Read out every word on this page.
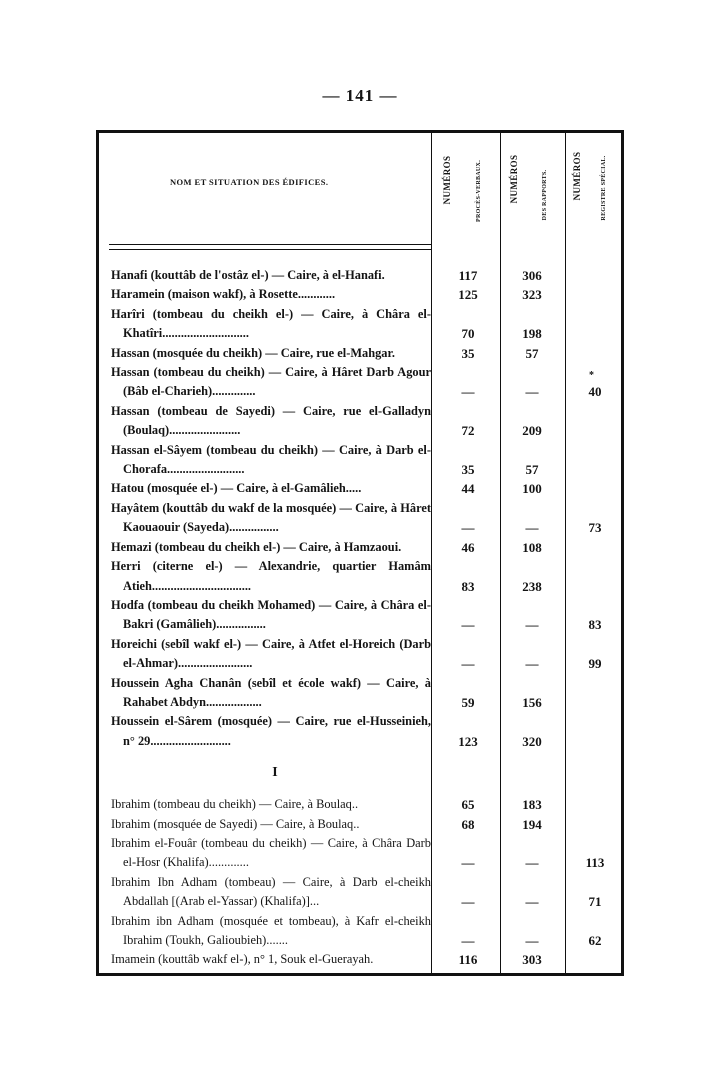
— 141 —
NOM ET SITUATION DES ÉDIFICES.	NUMÉROS	PROCÈS-VERBAUX.	NUMÉROS	DES RAPPORTS.	NUMÉROS	REGISTRE SPÉCIAL.
*
Hanafi (kouttâb de l'ostâz el-) — Caire, à el-Hanafi.	117	306
Haramein (maison wakf), à Rosette............	125	323
Harîri (tombeau du cheikh el-) — Caire, à Châra el-Khatîri............................	70	198
Hassan (mosquée du cheikh) — Caire, rue el-Mahgar.	35	57
Hassan (tombeau du cheikh) — Caire, à Hâret Darb Agour (Bâb el-Charieh)..............	—	—	40
Hassan (tombeau de Sayedi) — Caire, rue el-Galladyn (Boulaq).......................	72	209
Hassan el-Sâyem (tombeau du cheikh) — Caire, à Darb el-Chorafa.........................	35	57
Hatou (mosquée el-) — Caire, à el-Gamâlieh.....	44	100
Hayâtem (kouttâb du wakf de la mosquée) — Caire, à Hâret Kaouaouir (Sayeda)................	—	—	73
Hemazi (tombeau du cheikh el-) — Caire, à Hamzaoui.	46	108
Herri (citerne el-) — Alexandrie, quartier Hamâm Atieh................................	83	238
Hodfa (tombeau du cheikh Mohamed) — Caire, à Châra el-Bakri (Gamâlieh)................	—	—	83
Horeichi (sebîl wakf el-) — Caire, à Atfet el-Horeich (Darb el-Ahmar)........................	—	—	99
Houssein Agha Chanân (sebîl et école wakf) — Caire, à Rahabet Abdyn..................	59	156
Houssein el-Sârem (mosquée) — Caire, rue el-Husseinieh, n° 29..........................	123	320
I
Ibrahim (tombeau du cheikh) — Caire, à Boulaq..	65	183
Ibrahim (mosquée de Sayedi) — Caire, à Boulaq..	68	194
Ibrahim el-Fouâr (tombeau du cheikh) — Caire, à Châra Darb el-Hosr (Khalifa).............	—	—	113
Ibrahim Ibn Adham (tombeau) — Caire, à Darb el-cheikh Abdallah [(Arab el-Yassar) (Khalifa)]...	—	—	71
Ibrahim ibn Adham (mosquée et tombeau), à Kafr el-cheikh Ibrahim (Toukh, Galioubieh).......	—	—	62
Imamein (kouttâb wakf el-), n° 1, Souk el-Guerayah.	116	303
